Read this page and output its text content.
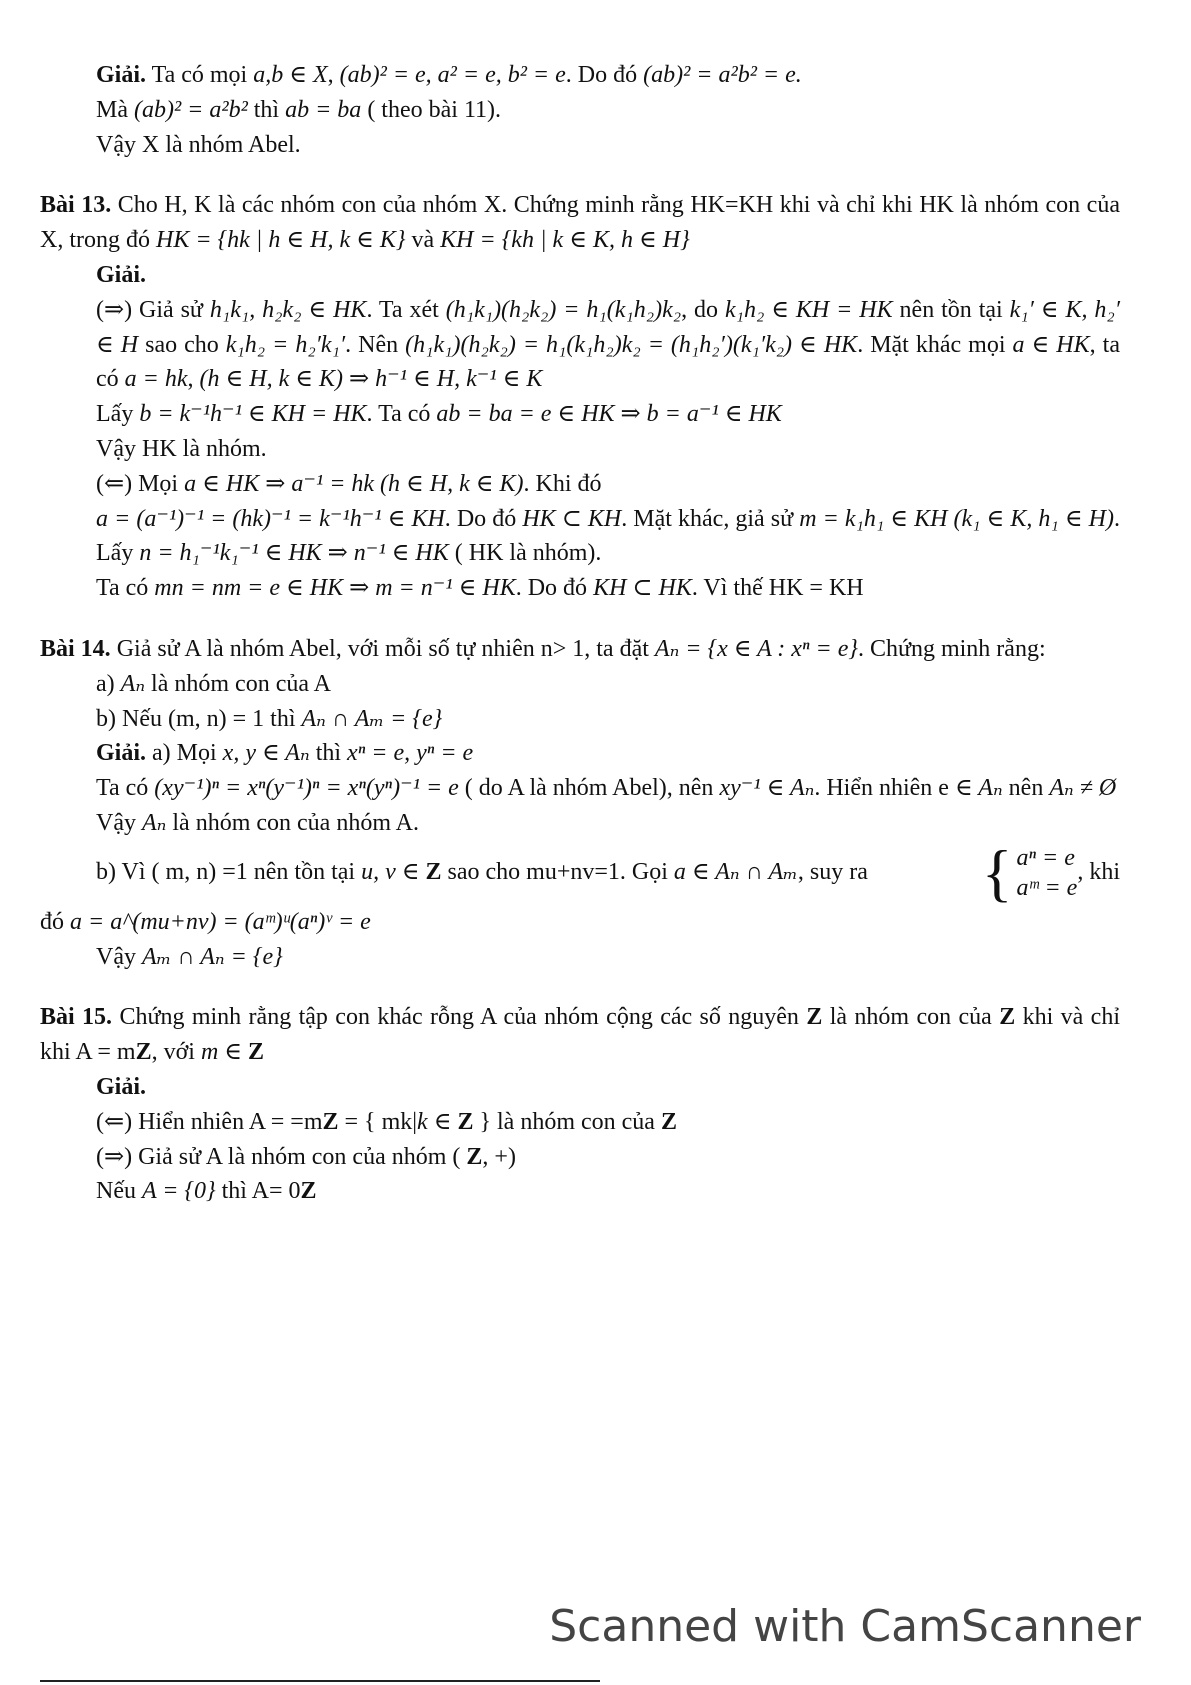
Giải. Ta có mọi a,b ∈ X, (ab)² = e, a² = e, b² = e. Do đó (ab)² = a²b² = e.
Mà (ab)² = a²b² thì ab = ba ( theo bài 11).
Vậy X là nhóm Abel.
Bài 13. Cho H, K là các nhóm con của nhóm X. Chứng minh rằng HK=KH khi và chỉ khi HK là nhóm con của X, trong đó HK = {hk | h ∈ H, k ∈ K} và KH = {kh | k ∈ K, h ∈ H}
Giải.
(⇒) Giả sử h₁k₁, h₂k₂ ∈ HK. Ta xét (h₁k₁)(h₂k₂) = h₁(k₁h₂)k₂, do k₁h₂ ∈ KH = HK nên tồn tại k₁′ ∈ K, h₂′ ∈ H sao cho k₁h₂ = h₂′k₁′. Nên (h₁k₁)(h₂k₂) = h₁(k₁h₂)k₂ = (h₁h₂′)(k₁′k₂) ∈ HK. Mặt khác mọi a ∈ HK, ta có a = hk, (h ∈ H, k ∈ K) ⇒ h⁻¹ ∈ H, k⁻¹ ∈ K
Lấy b = k⁻¹h⁻¹ ∈ KH = HK. Ta có ab = ba = e ∈ HK ⇒ b = a⁻¹ ∈ HK
Vậy HK là nhóm.
(⇐) Mọi a ∈ HK ⇒ a⁻¹ = hk (h ∈ H, k ∈ K). Khi đó
a = (a⁻¹)⁻¹ = (hk)⁻¹ = k⁻¹h⁻¹ ∈ KH. Do đó HK ⊂ KH. Mặt khác, giả sử m = k₁h₁ ∈ KH (k₁ ∈ K, h₁ ∈ H). Lấy n = h₁⁻¹k₁⁻¹ ∈ HK ⇒ n⁻¹ ∈ HK ( HK là nhóm).
Ta có mn = nm = e ∈ HK ⇒ m = n⁻¹ ∈ HK. Do đó KH ⊂ HK. Vì thế HK = KH
Bài 14. Giả sử A là nhóm Abel, với mỗi số tự nhiên n> 1, ta đặt Aₙ = {x ∈ A : xⁿ = e}. Chứng minh rằng:
a) Aₙ là nhóm con của A
b) Nếu (m, n) = 1 thì Aₙ ∩ Aₘ = {e}
Giải. a) Mọi x, y ∈ Aₙ thì xⁿ = e, yⁿ = e
Ta có (xy⁻¹)ⁿ = xⁿ(y⁻¹)ⁿ = xⁿ(yⁿ)⁻¹ = e ( do A là nhóm Abel), nên xy⁻¹ ∈ Aₙ. Hiển nhiên e ∈ Aₙ nên Aₙ ≠ Ø
Vậy Aₙ là nhóm con của nhóm A.
b) Vì ( m, n) =1 nên tồn tại u, v ∈ Z sao cho mu+nv=1. Gọi a ∈ Aₙ ∩ Aₘ, suy ra	{ aⁿ = e
aᵐ = e
, khi
đó a = a^(mu+nv) = (aᵐ)ᵘ(aⁿ)ᵛ = e
Vậy Aₘ ∩ Aₙ = {e}
Bài 15. Chứng minh rằng tập con khác rỗng A của nhóm cộng các số nguyên Z là nhóm con của Z khi và chỉ khi A = mZ, với m ∈ Z
Giải.
(⇐) Hiển nhiên A = =mZ = { mk|k ∈ Z } là nhóm con của Z
(⇒) Giả sử A là nhóm con của nhóm ( Z, +)
Nếu A = {0} thì A= 0Z
Scanned with CamScanner
